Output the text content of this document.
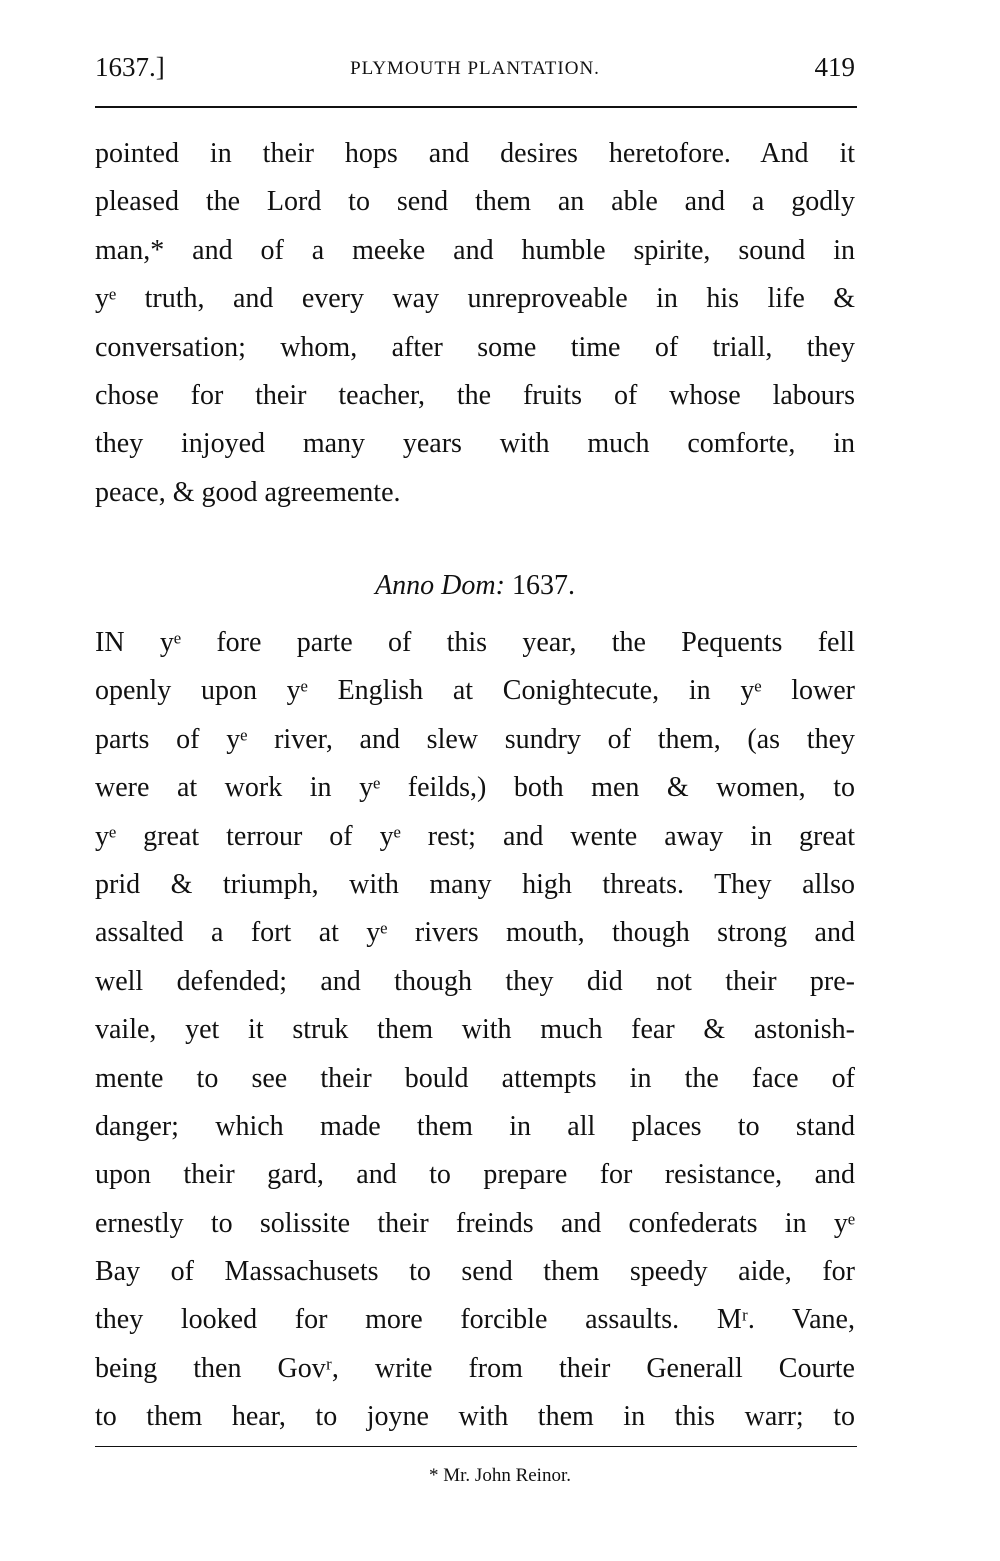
1637.]	PLYMOUTH PLANTATION.	419
pointed in their hops and desires heretofore. And it
pleased the Lord to send them an able and a godly
man,* and of a meeke and humble spirite, sound in
yᵉ truth, and every way unreproveable in his life &
conversation; whom, after some time of triall, they
chose for their teacher, the fruits of whose labours
they injoyed many years with much comforte, in
peace, & good agreemente.
Anno Dom: 1637.
IN yᵉ fore parte of this year, the Pequents fell
openly upon yᵉ English at Conightecute, in yᵉ lower
parts of yᵉ river, and slew sundry of them, (as they
were at work in yᵉ feilds,) both men & women, to
yᵉ great terrour of yᵉ rest; and wente away in great
prid & triumph, with many high threats. They allso
assalted a fort at yᵉ rivers mouth, though strong and
well defended; and though they did not their pre-
vaile, yet it struk them with much fear & astonish-
mente to see their bould attempts in the face of
danger; which made them in all places to stand
upon their gard, and to prepare for resistance, and
ernestly to solissite their freinds and confederats in yᵉ
Bay of Massachusets to send them speedy aide, for
they looked for more forcible assaults. Mʳ. Vane,
being then Govʳ, write from their Generall Courte
to them hear, to joyne with them in this warr; to
* Mr. John Reinor.
